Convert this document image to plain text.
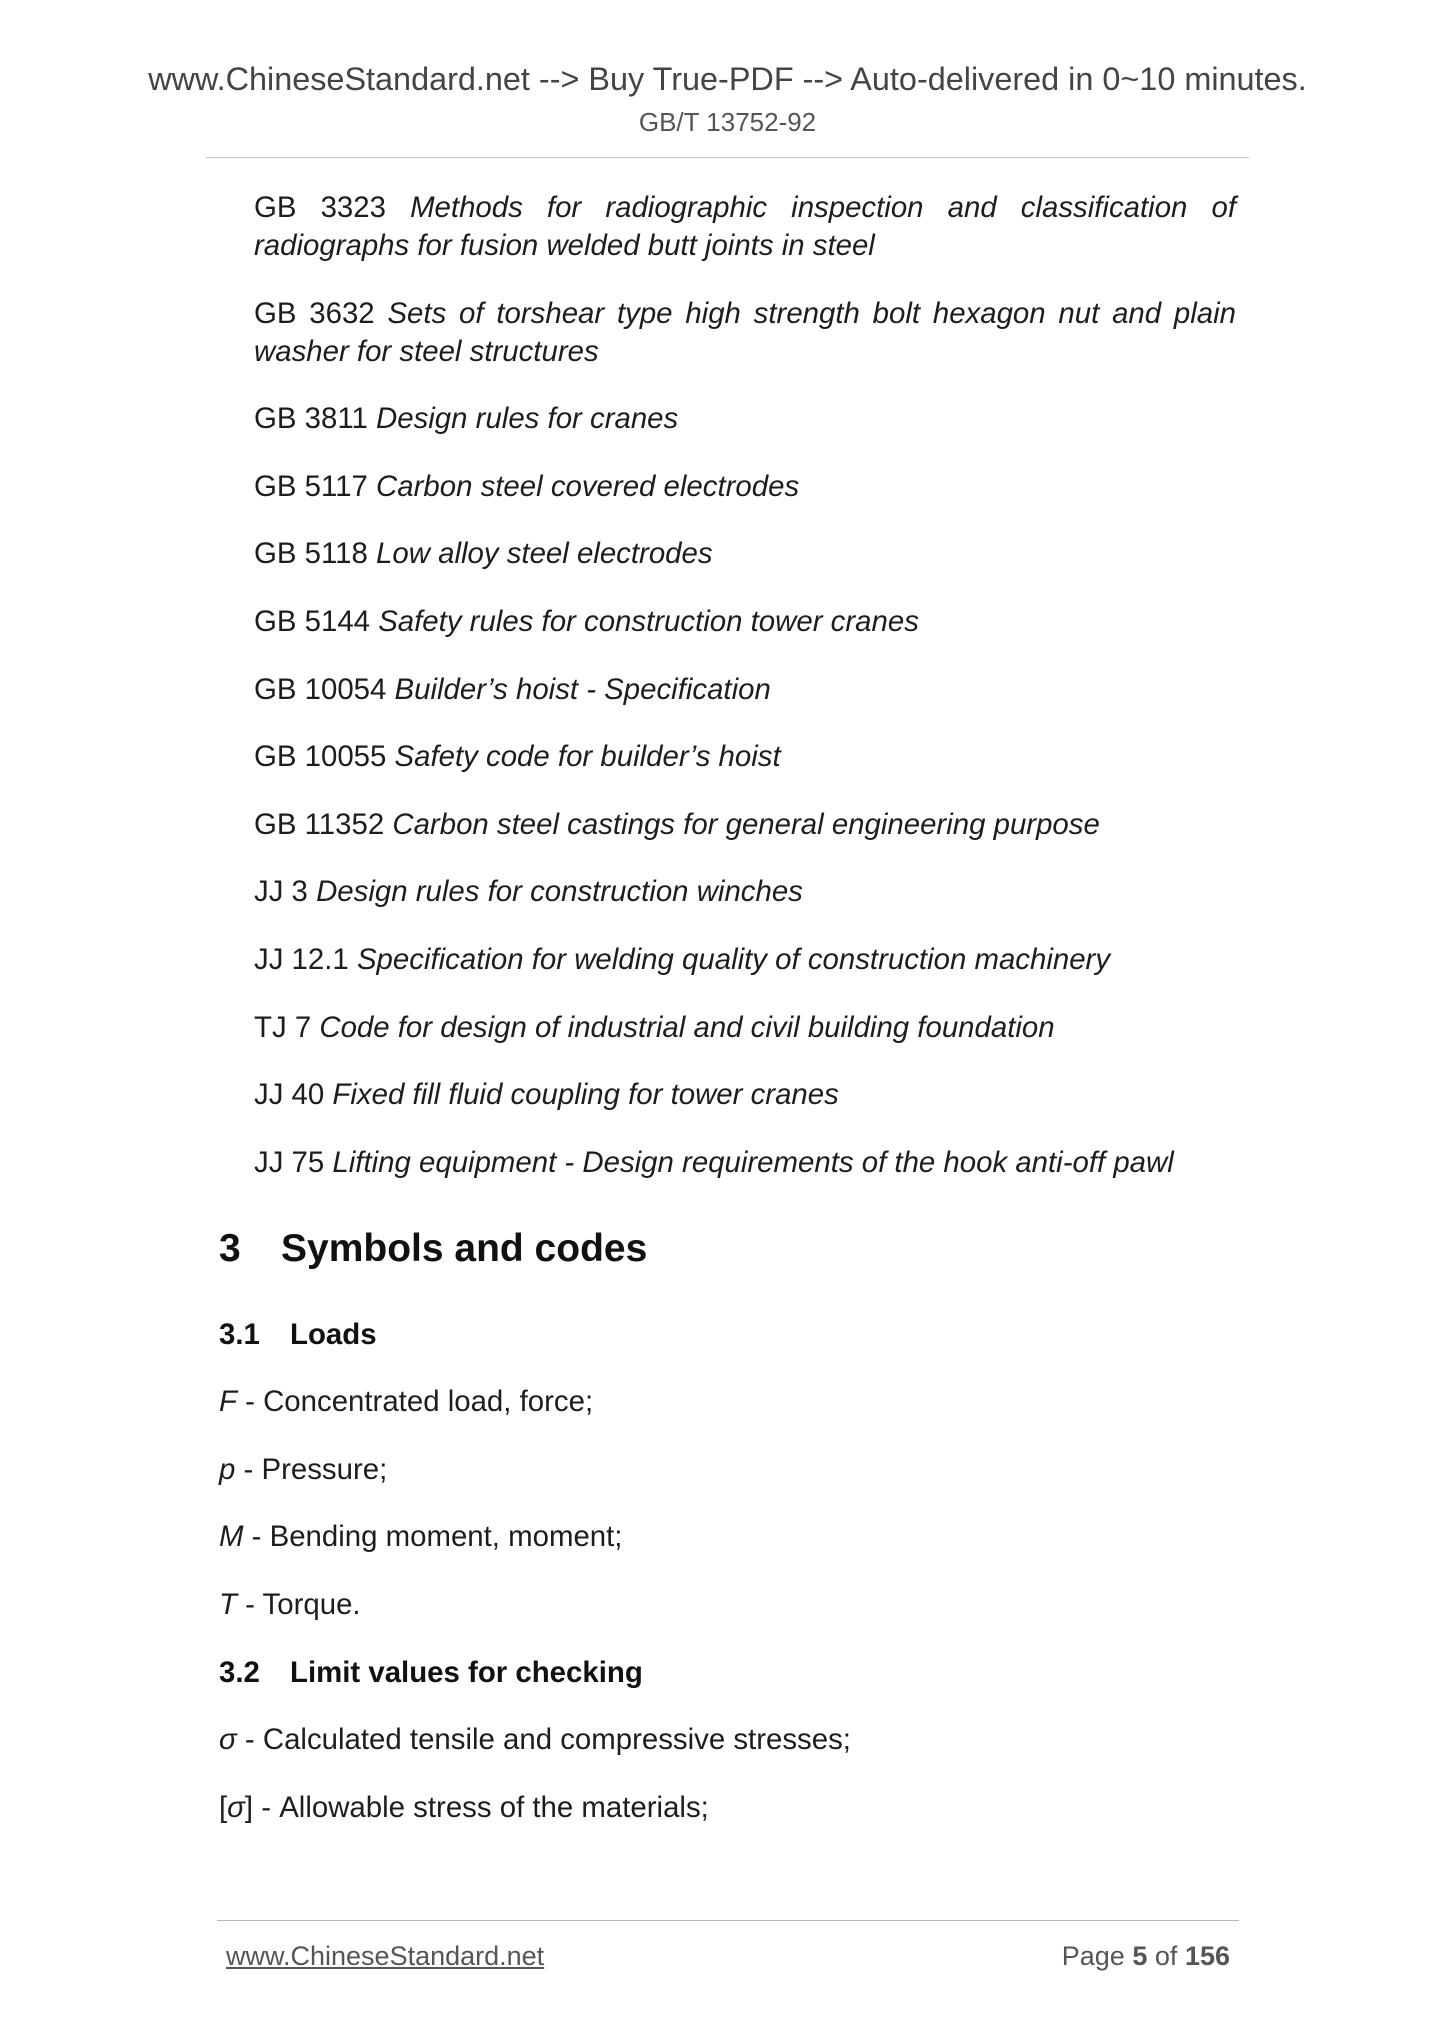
www.ChineseStandard.net --> Buy True-PDF --> Auto-delivered in 0~10 minutes.
GB/T 13752-92

GB 3323 Methods for radiographic inspection and classification of radiographs for fusion welded butt joints in steel

GB 3632 Sets of torshear type high strength bolt hexagon nut and plain washer for steel structures

GB 3811 Design rules for cranes

GB 5117 Carbon steel covered electrodes

GB 5118 Low alloy steel electrodes

GB 5144 Safety rules for construction tower cranes

GB 10054 Builder’s hoist - Specification

GB 10055 Safety code for builder’s hoist

GB 11352 Carbon steel castings for general engineering purpose

JJ 3 Design rules for construction winches

JJ 12.1 Specification for welding quality of construction machinery

TJ 7 Code for design of industrial and civil building foundation

JJ 40 Fixed fill fluid coupling for tower cranes

JJ 75 Lifting equipment - Design requirements of the hook anti-off pawl

3 Symbols and codes
3.1 Loads

F - Concentrated load, force;

p - Pressure;

M - Bending moment, moment;

T - Torque.

3.2 Limit values for checking

σ - Calculated tensile and compressive stresses;

[σ] - Allowable stress of the materials;

www.ChineseStandard.net	Page 5 of 156
